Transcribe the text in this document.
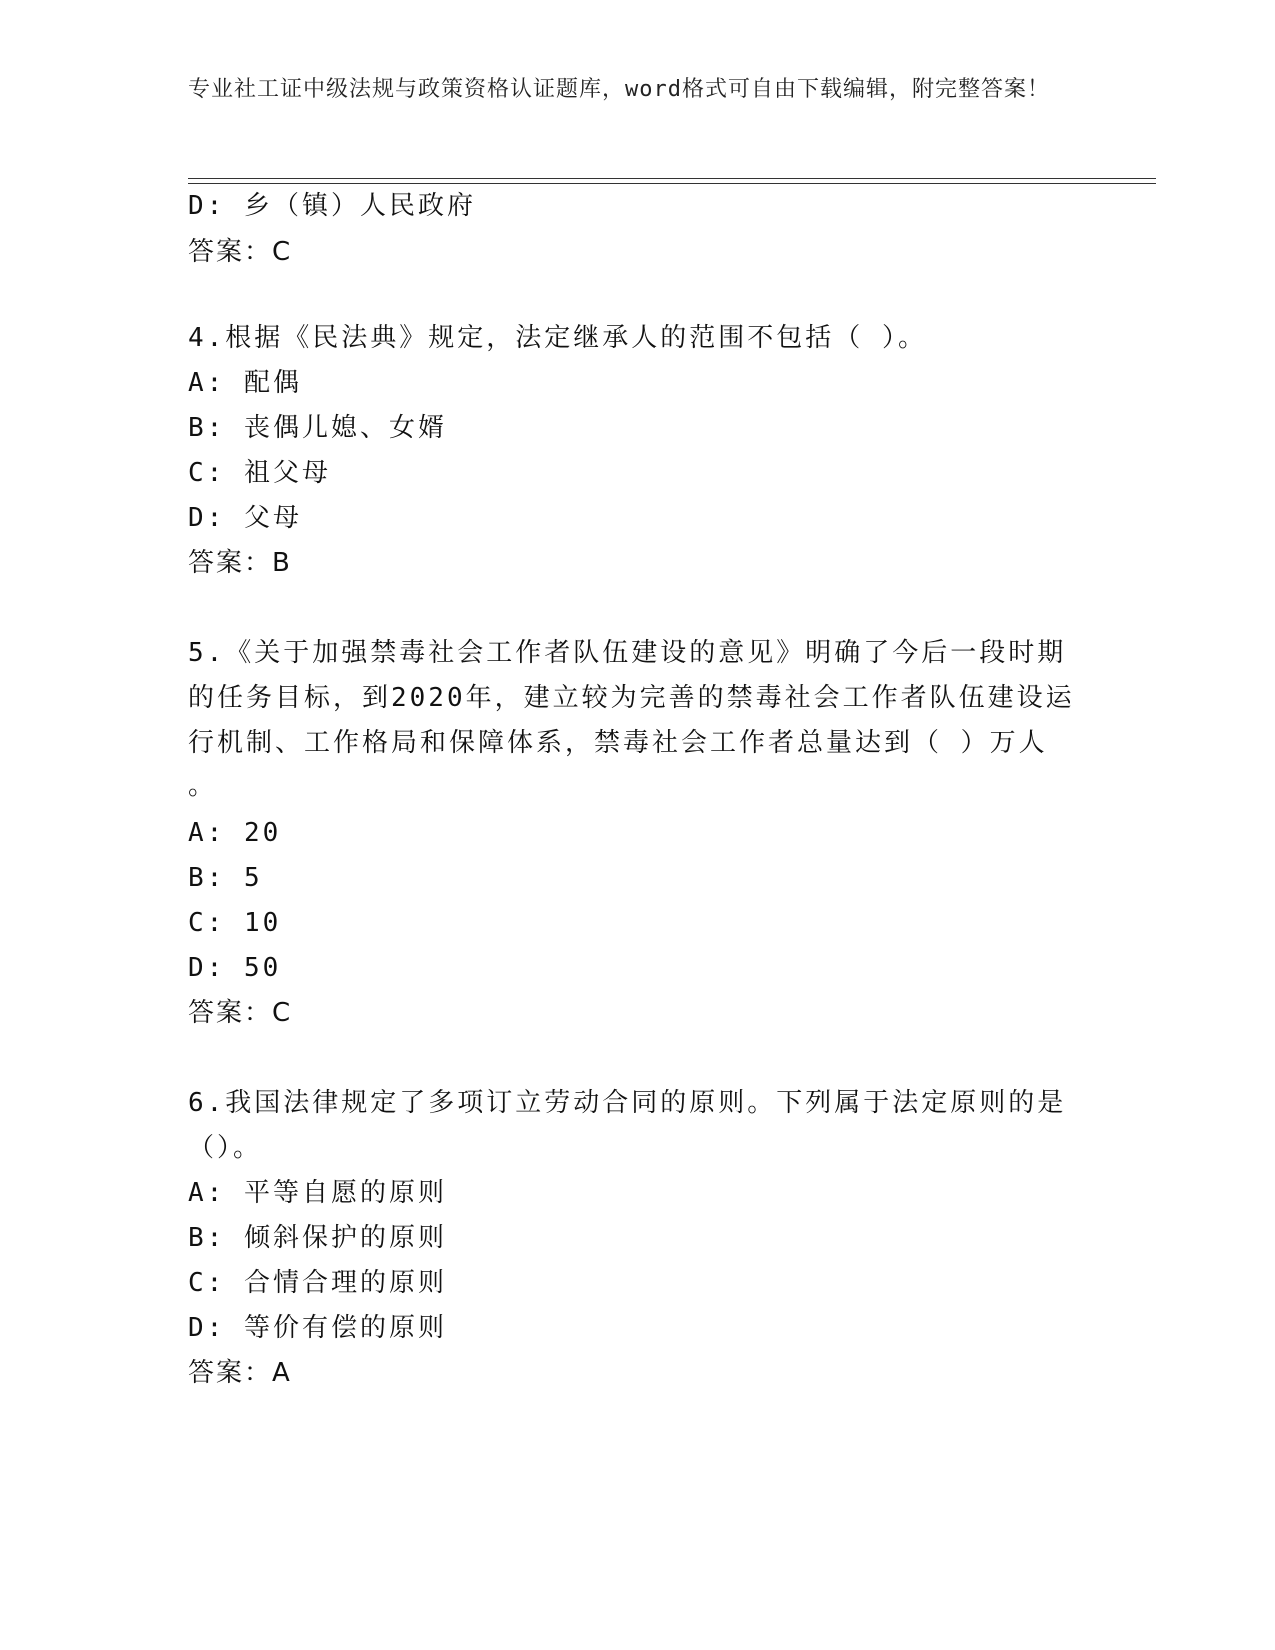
专业社工证中级法规与政策资格认证题库，word格式可自由下载编辑，附完整答案！

D: 乡（镇）人民政府

答案：C

4.根据《民法典》规定，法定继承人的范围不包括（ ）。

A: 配偶

B: 丧偶儿媳、女婿

C: 祖父母

D: 父母

答案：B

5.《关于加强禁毒社会工作者队伍建设的意见》明确了今后一段时期

的任务目标，到2020年，建立较为完善的禁毒社会工作者队伍建设运

行机制、工作格局和保障体系，禁毒社会工作者总量达到（ ）万人

。

A: 20

B: 5

C: 10

D: 50

答案：C

6.我国法律规定了多项订立劳动合同的原则。下列属于法定原则的是

（）。

A: 平等自愿的原则

B: 倾斜保护的原则

C: 合情合理的原则

D: 等价有偿的原则

答案：A
